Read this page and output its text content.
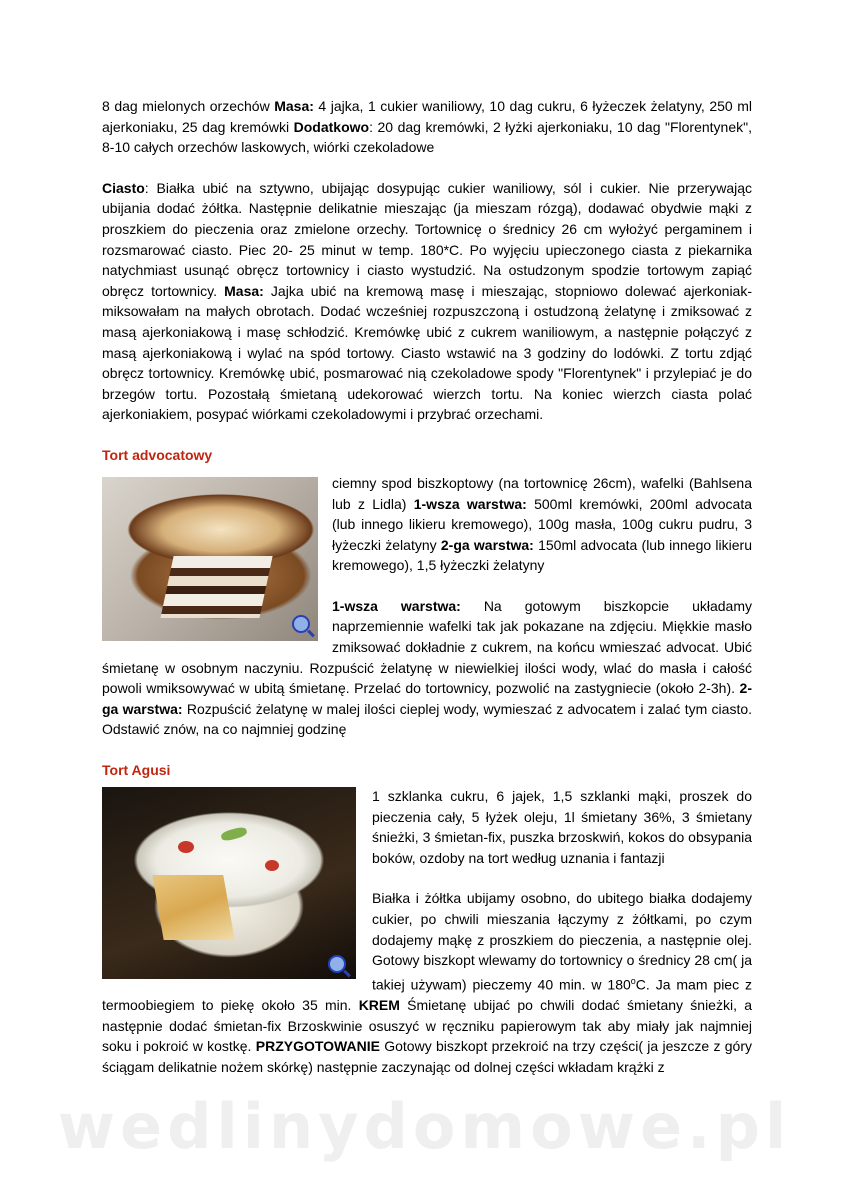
8 dag mielonych orzechów Masa: 4 jajka, 1 cukier waniliowy, 10 dag cukru, 6 łyżeczek żelatyny, 250 ml ajerkoniaku, 25 dag kremówki Dodatkowo: 20 dag kremówki, 2 łyżki ajerkoniaku, 10 dag "Florentynek", 8-10 całych orzechów laskowych, wiórki czekoladowe

Ciasto: Białka ubić na sztywno, ubijając dosypując cukier waniliowy, sól i cukier. Nie przerywając ubijania dodać żółtka. Następnie delikatnie mieszając (ja mieszam rózgą), dodawać obydwie mąki z proszkiem do pieczenia oraz zmielone orzechy. Tortownicę o średnicy 26 cm wyłożyć pergaminem i rozsmarować ciasto. Piec 20- 25 minut w temp. 180*C. Po wyjęciu upieczonego ciasta z piekarnika natychmiast usunąć obręcz tortownicy i ciasto wystudzić. Na ostudzonym spodzie tortowym zapiąć obręcz tortownicy. Masa: Jajka ubić na kremową masę i mieszając, stopniowo dolewać ajerkoniak- miksowałam na małych obrotach. Dodać wcześniej rozpuszczoną i ostudzoną żelatynę i zmiksować z masą ajerkoniakową i masę schłodzić. Kremówkę ubić z cukrem waniliowym, a następnie połączyć z masą ajerkoniakową i wylać na spód tortowy. Ciasto wstawić na 3 godziny do lodówki. Z tortu zdjąć obręcz tortownicy. Kremówkę ubić, posmarować nią czekoladowe spody "Florentynek" i przylepiać je do brzegów tortu. Pozostałą śmietaną udekorować wierzch tortu. Na koniec wierzch ciasta polać ajerkoniakiem, posypać wiórkami czekoladowymi i przybrać orzechami.

Tort advocatowy

ciemny spod biszkoptowy (na tortownicę 26cm), wafelki (Bahlsena lub z Lidla) 1-wsza warstwa: 500ml kremówki, 200ml advocata (lub innego likieru kremowego), 100g masła, 100g cukru pudru, 3 łyżeczki żelatyny 2-ga warstwa: 150ml advocata (lub innego likieru kremowego), 1,5 łyżeczki żelatyny

1-wsza warstwa: Na gotowym biszkopcie układamy naprzemiennie wafelki tak jak pokazane na zdjęciu. Miękkie masło zmiksować dokładnie z cukrem, na końcu wmieszać advocat. Ubić śmietanę w osobnym naczyniu. Rozpuścić żelatynę w niewielkiej ilości wody, wlać do masła i całość powoli wmiksowywać w ubitą śmietanę. Przelać do tortownicy, pozwolić na zastygniecie (około 2-3h). 2-ga warstwa: Rozpuścić żelatynę w malej ilości cieplej wody, wymieszać z advocatem i zalać tym ciasto. Odstawić znów, na co najmniej godzinę

Tort Agusi

1 szklanka cukru, 6 jajek, 1,5 szklanki mąki, proszek do pieczenia cały, 5 łyżek oleju, 1l śmietany 36%, 3 śmietany śnieżki, 3 śmietan-fix, puszka brzoskwiń, kokos do obsypania boków, ozdoby na tort według uznania i fantazji

Białka i żółtka ubijamy osobno, do ubitego białka dodajemy cukier, po chwili mieszania łączymy z żółtkami, po czym dodajemy mąkę z proszkiem do pieczenia, a następnie olej. Gotowy biszkopt wlewamy do tortownicy o średnicy 28 cm( ja takiej używam) pieczemy 40 min. w 180$^o$C. Ja mam piec z termoobiegiem to piekę około 35 min. KREM Śmietanę ubijać po chwili dodać śmietany śnieżki, a następnie dodać śmietan-fix Brzoskwinie osuszyć w ręczniku papierowym tak aby miały jak najmniej soku i pokroić w kostkę. PRZYGOTOWANIE Gotowy biszkopt przekroić na trzy części( ja jeszcze z góry ściągam delikatnie nożem skórkę) następnie zaczynając od dolnej części wkładam krążki z

wedlinydomowe.pl
